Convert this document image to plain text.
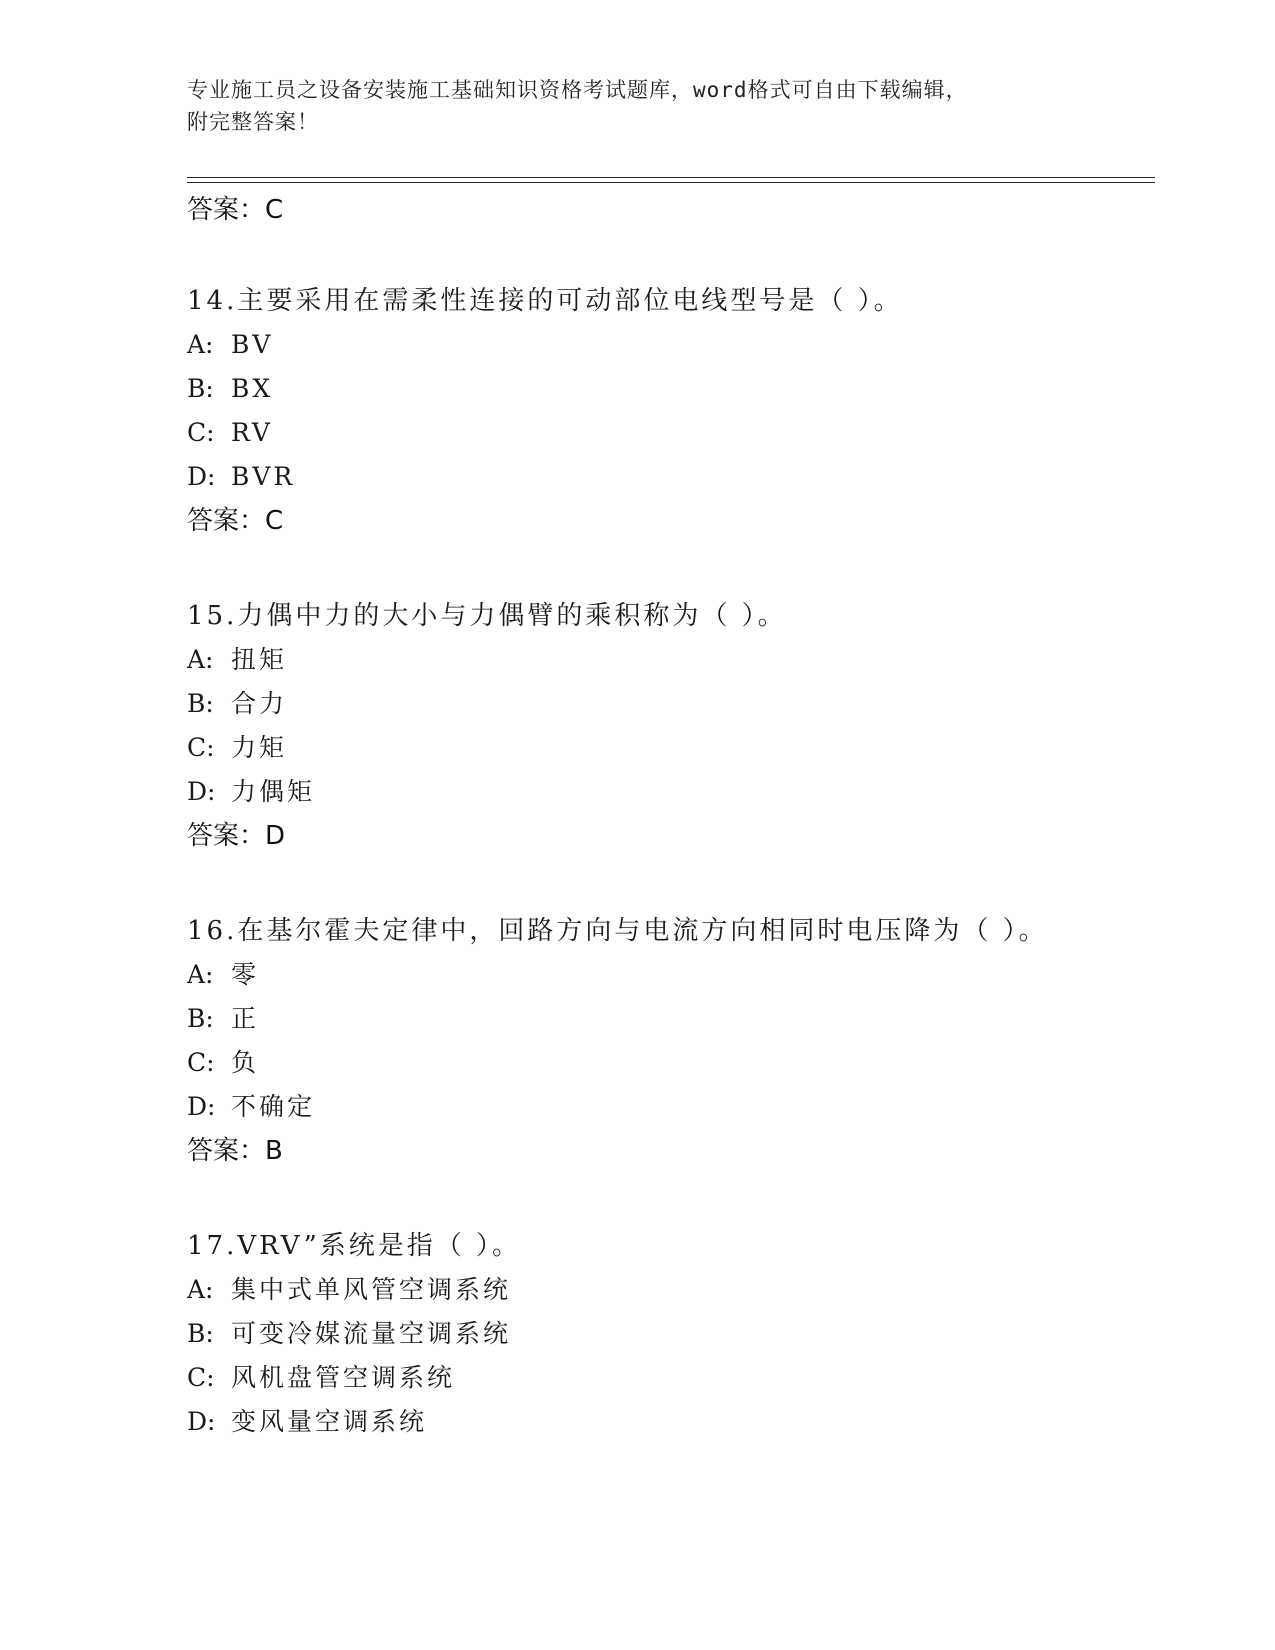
专业施工员之设备安装施工基础知识资格考试题库，word格式可自由下载编辑，
附完整答案！
答案：C
14.主要采用在需柔性连接的可动部位电线型号是（ ）。
A: BV
B: BX
C: RV
D: BVR
答案：C
15.力偶中力的大小与力偶臂的乘积称为（ ）。
A: 扭矩
B: 合力
C: 力矩
D: 力偶矩
答案：D
16.在基尔霍夫定律中，回路方向与电流方向相同时电压降为（ ）。
A: 零
B: 正
C: 负
D: 不确定
答案：B
17.VRV”系统是指（ ）。
A: 集中式单风管空调系统
B: 可变冷媒流量空调系统
C: 风机盘管空调系统
D: 变风量空调系统
